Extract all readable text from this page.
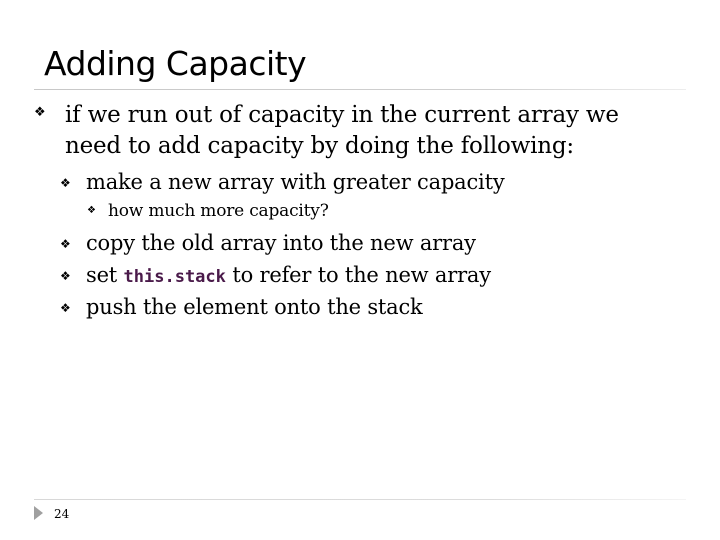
Adding Capacity
❖ if we run out of capacity in the current array we need to add capacity by doing the following:
❖ make a new array with greater capacity
❖ how much more capacity?
❖ copy the old array into the new array
❖ set this.stack to refer to the new array
❖ push the element onto the stack
24
